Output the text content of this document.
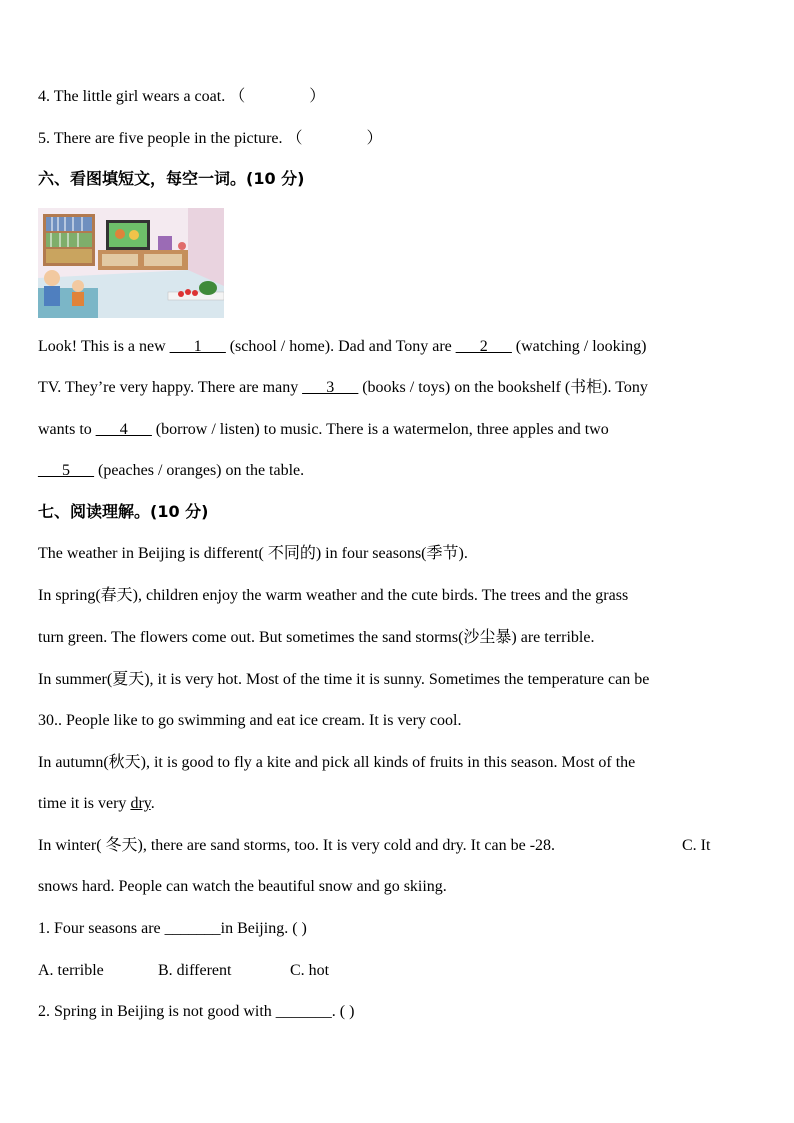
4. The little girl wears a coat. （　　　　）
5. There are five people in the picture. （　　　　）
六、看图填短文，每空一词。(10 分)
Look! This is a new ___1___ (school / home). Dad and Tony are ___2___ (watching / looking)
TV. They’re very happy. There are many ___3___ (books / toys) on the bookshelf (书柜). Tony
wants to ___4___ (borrow / listen) to music. There is a watermelon, three apples and two
___5___ (peaches / oranges) on the table.
七、阅读理解。(10 分)
The weather in Beijing is different( 不同的) in four seasons(季节).
In spring(春天), children enjoy the warm weather and the cute birds. The trees and the grass
turn green. The flowers come out. But sometimes the sand storms(沙尘暴) are terrible.
In summer(夏天), it is very hot. Most of the time it is sunny. Sometimes the temperature can be
30.. People like to go swimming and eat ice cream. It is very cool.
In autumn(秋天), it is good to fly a kite and pick all kinds of fruits in this season. Most of the
time it is very dry.
In winter( 冬天), there are sand storms, too. It is very cold and dry. It can be -28.	C. It
snows hard. People can watch the beautiful snow and go skiing.
1. Four seasons are _______in Beijing. ( )
A. terrible	B. different	C. hot
2. Spring in Beijing is not good with _______. ( )
